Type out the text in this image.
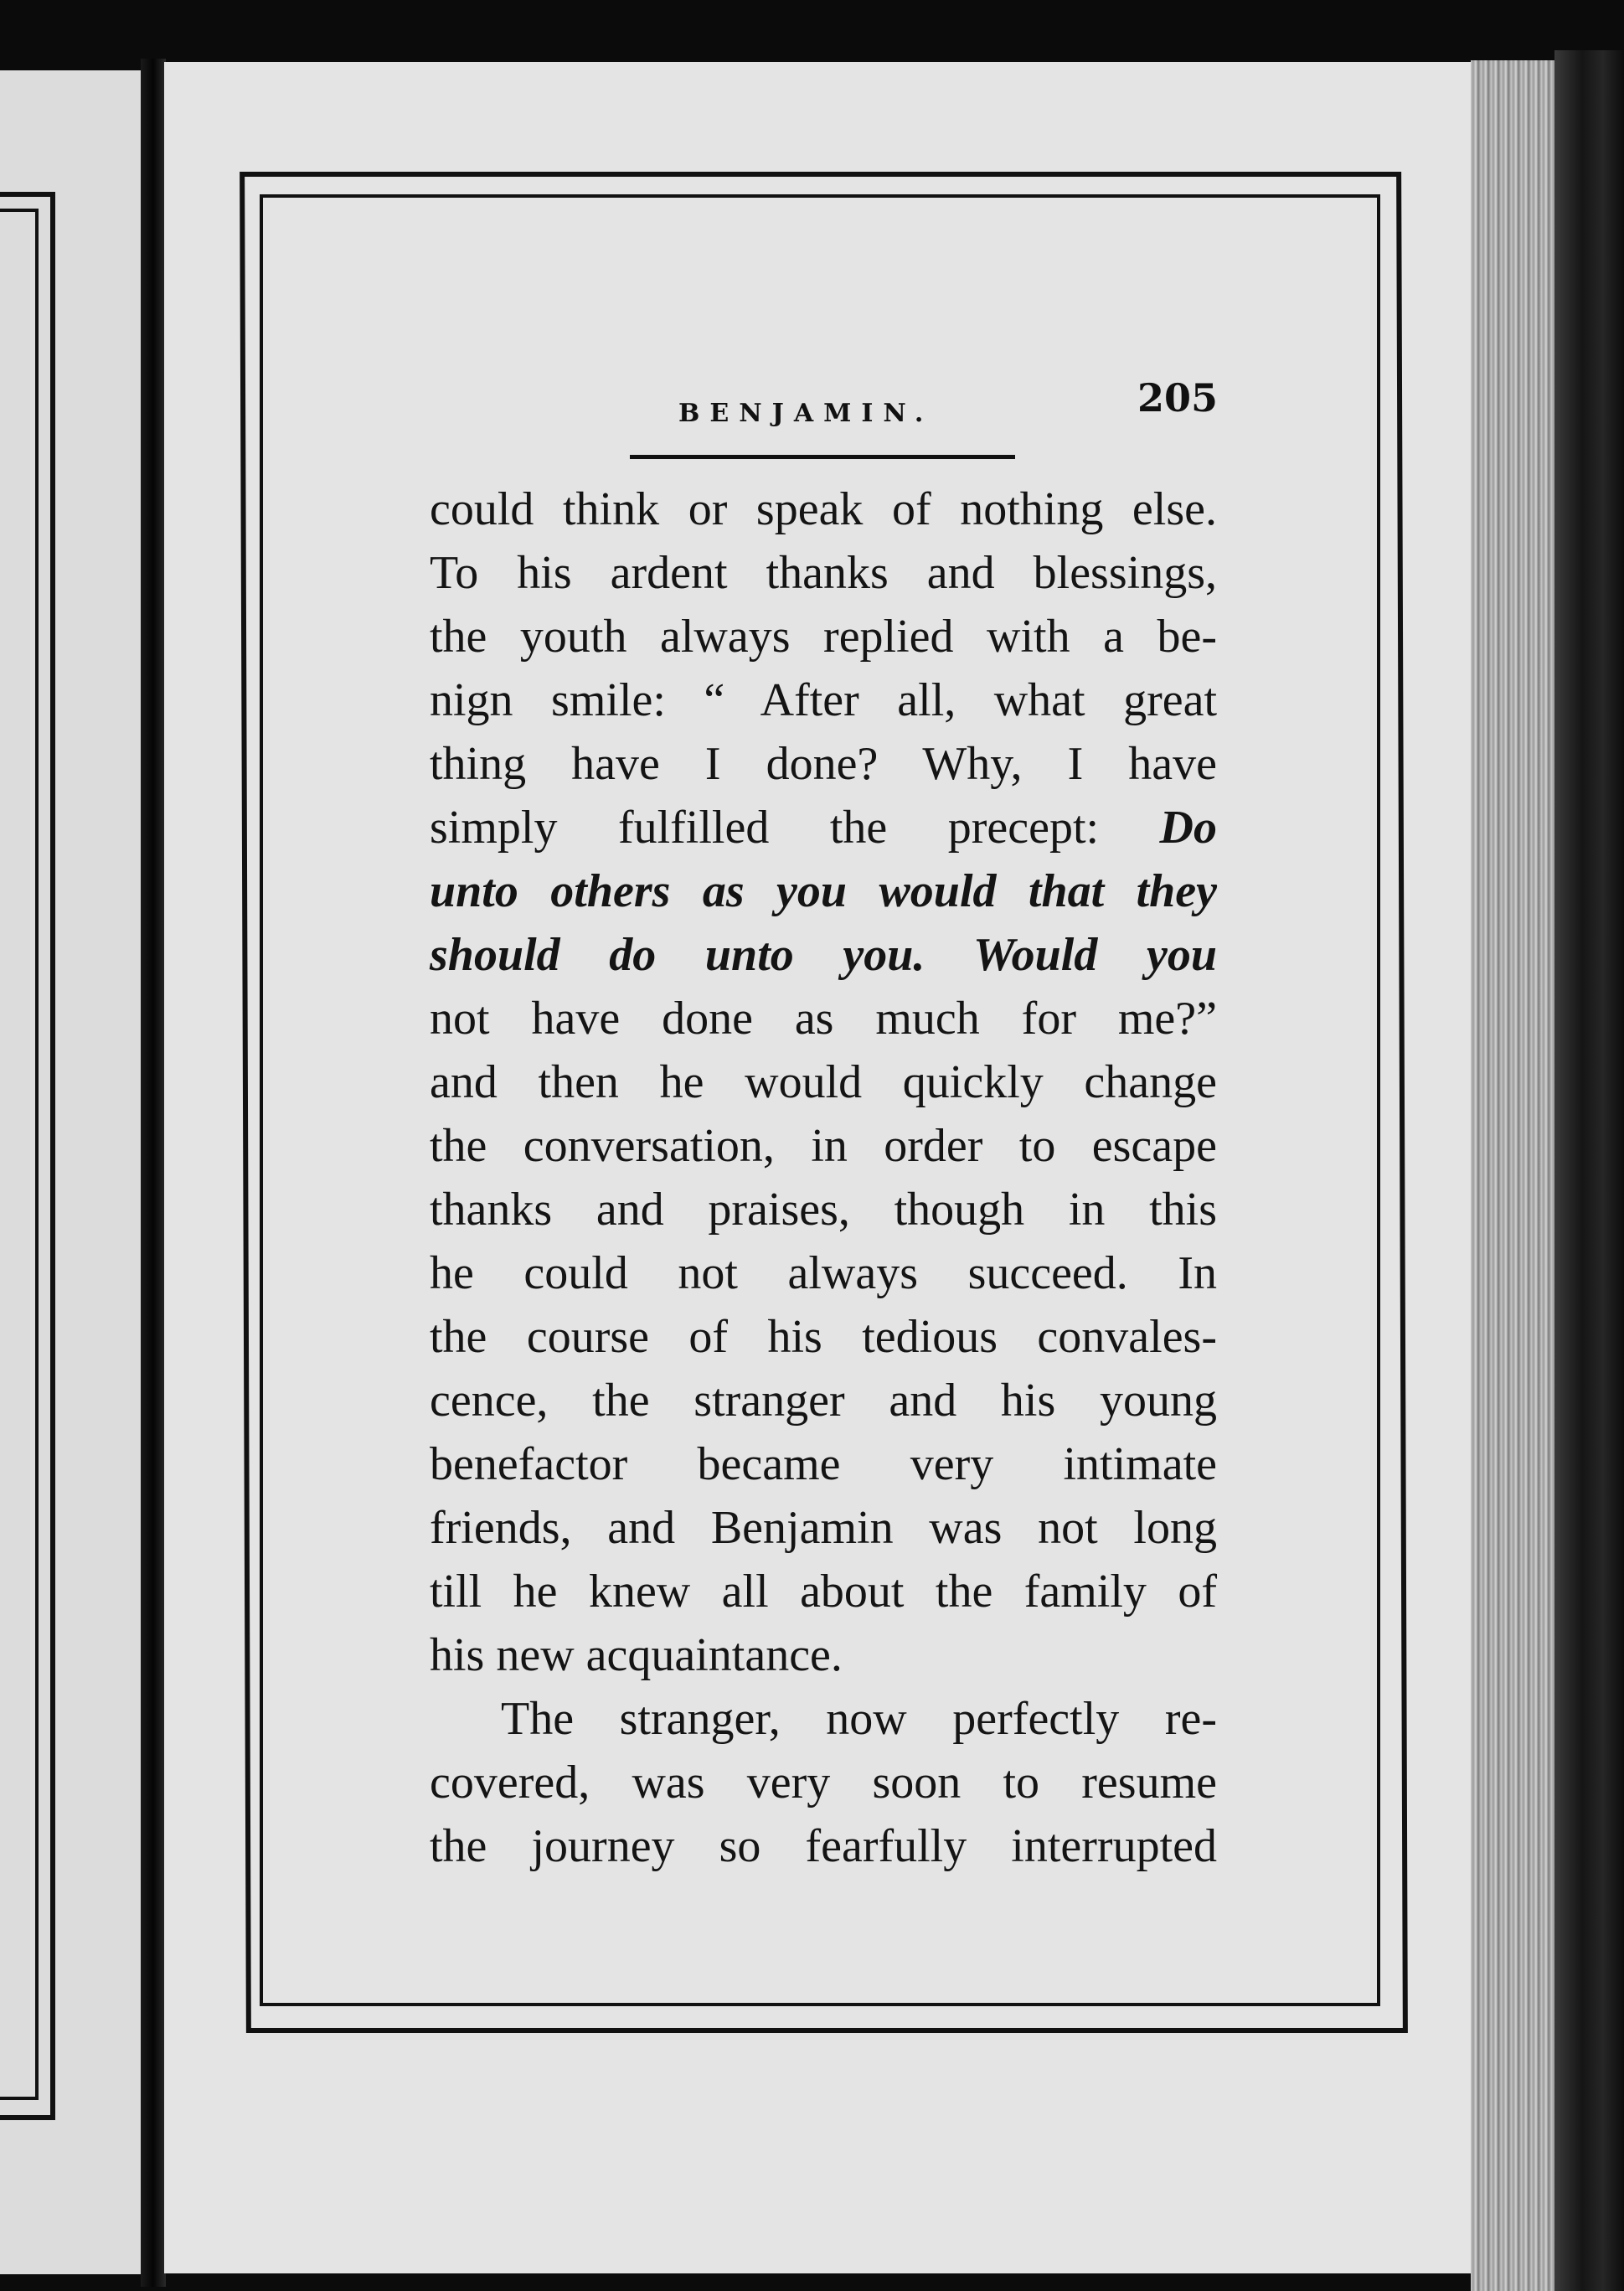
BENJAMIN.	205
could think or speak of nothing else.
To his ardent thanks and blessings,
the youth always replied with a be-
nign smile: “ After all, what great
thing have I done? Why, I have
simply fulfilled the precept: Do
unto others as you would that they
should do unto you. Would you
not have done as much for me?”
and then he would quickly change
the conversation, in order to escape
thanks and praises, though in this
he could not always succeed. In
the course of his tedious convales-
cence, the stranger and his young
benefactor became very intimate
friends, and Benjamin was not long
till he knew all about the family of
his new acquaintance.
The stranger, now perfectly re-
covered, was very soon to resume
the journey so fearfully interrupted
